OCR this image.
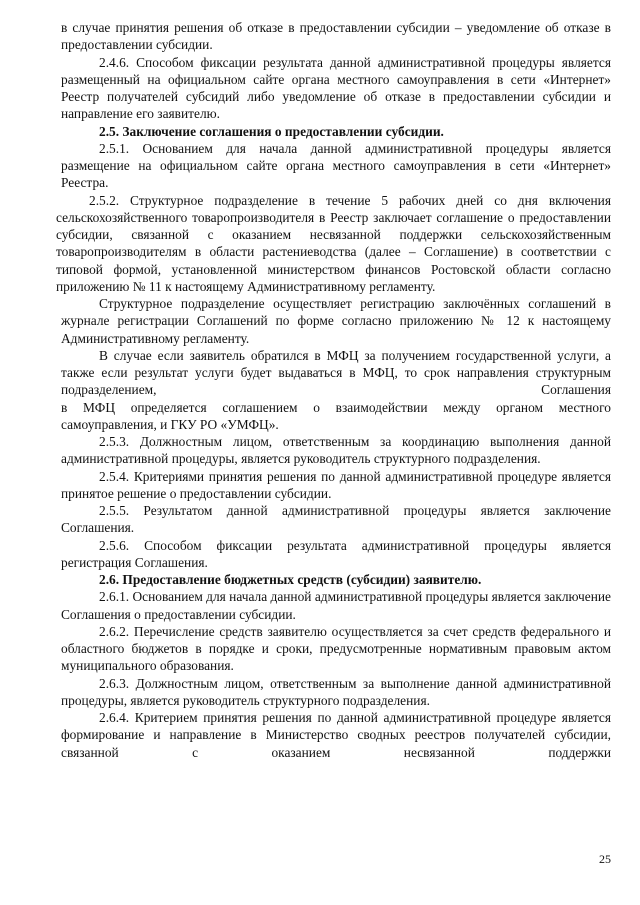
в случае принятия решения об отказе в предоставлении субсидии – уведомление об отказе в предоставлении субсидии.

2.4.6. Способом фиксации результата данной административной процедуры является размещенный на официальном сайте органа местного самоуправления в сети «Интернет» Реестр получателей субсидий либо уведомление об отказе в предоставлении субсидии и направление его заявителю.

2.5. Заключение соглашения о предоставлении субсидии.

2.5.1. Основанием для начала данной административной процедуры является размещение на официальном сайте органа местного самоуправления в сети «Интернет» Реестра.

2.5.2. Структурное подразделение в течение 5 рабочих дней со дня включения сельскохозяйственного товаропроизводителя в Реестр заключает соглашение о предоставлении субсидии, связанной с оказанием несвязанной поддержки сельскохозяйственным товаропроизводителям в области растениеводства (далее – Соглашение) в соответствии с типовой формой, установленной министерством финансов Ростовской области согласно приложению № 11 к настоящему Административному регламенту.

Структурное подразделение осуществляет регистрацию заключённых соглашений в журнале регистрации Соглашений по форме согласно приложению № 12 к настоящему Административному регламенту.

В случае если заявитель обратился в МФЦ за получением государственной услуги, а также если результат услуги будет выдаваться в МФЦ, то срок направления структурным подразделением, Соглашения

в МФЦ определяется соглашением о взаимодействии между органом местного самоуправления, и ГКУ РО «УМФЦ».

2.5.3. Должностным лицом, ответственным за координацию выполнения данной административной процедуры, является руководитель структурного подразделения.

2.5.4. Критериями принятия решения по данной административной процедуре является принятое решение о предоставлении субсидии.

2.5.5. Результатом данной административной процедуры является заключение Соглашения.

2.5.6. Способом фиксации результата административной процедуры является регистрация Соглашения.

2.6. Предоставление бюджетных средств (субсидии) заявителю.

2.6.1. Основанием для начала данной административной процедуры является заключение Соглашения о предоставлении субсидии.

2.6.2. Перечисление средств заявителю осуществляется за счет средств федерального и областного бюджетов в порядке и сроки, предусмотренные нормативным правовым актом муниципального образования.

2.6.3. Должностным лицом, ответственным за выполнение данной административной процедуры, является руководитель структурного подразделения.

2.6.4. Критерием принятия решения по данной административной процедуре является формирование и направление в Министерство сводных реестров получателей субсидии, связанной с оказанием несвязанной поддержки

25
